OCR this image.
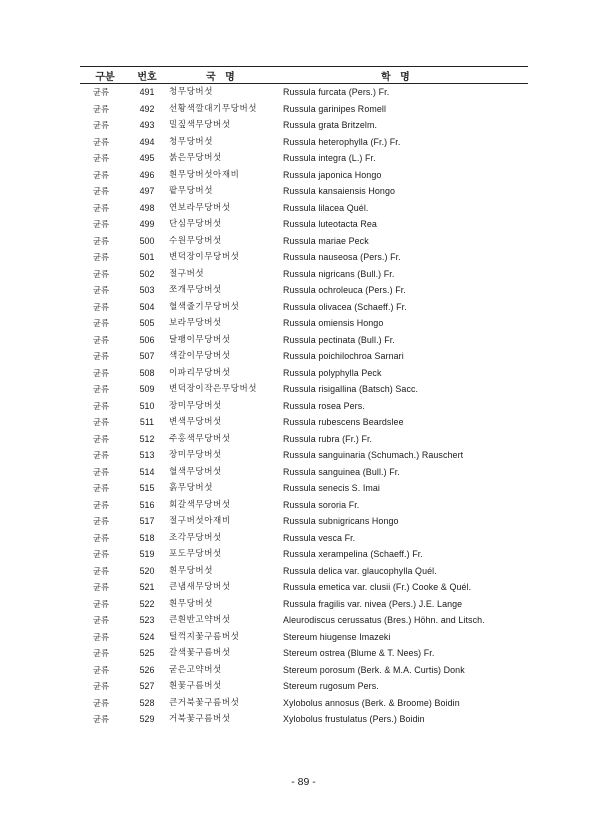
구분	번호	국 명	학 명
균류	491	청무당버섯	Russula furcata (Pers.) Fr.
균류	492	선황색깔대기무당버섯	Russula garinipes Romell
균류	493	밀짚색무당버섯	Russula grata Britzelm.
균류	494	청무당버섯	Russula heterophylla (Fr.) Fr.
균류	495	붉은무당버섯	Russula integra (L.) Fr.
균류	496	흰무당버섯아재비	Russula japonica Hongo
균류	497	팥무당버섯	Russula kansaiensis Hongo
균류	498	연보라무당버섯	Russula lilacea Quél.
균류	499	단심무당버섯	Russula luteotacta Rea
균류	500	수원무당버섯	Russula mariae Peck
균류	501	변덕장이무당버섯	Russula nauseosa (Pers.) Fr.
균류	502	절구버섯	Russula nigricans (Bull.) Fr.
균류	503	쪼개무당버섯	Russula ochroleuca (Pers.) Fr.
균류	504	혈색줄기무당버섯	Russula olivacea (Schaeff.) Fr.
균류	505	보라무당버섯	Russula omiensis Hongo
균류	506	달팽이무당버섯	Russula pectinata (Bull.) Fr.
균류	507	색갈이무당버섯	Russula poichilochroa Sarnari
균류	508	이파리무당버섯	Russula polyphylla Peck
균류	509	변덕장이작은무당버섯	Russula risigallina (Batsch) Sacc.
균류	510	장미무당버섯	Russula rosea Pers.
균류	511	변색무당버섯	Russula rubescens Beardslee
균류	512	주홍색무당버섯	Russula rubra (Fr.) Fr.
균류	513	장미무당버섯	Russula sanguinaria (Schumach.) Rauschert
균류	514	혈색무당버섯	Russula sanguinea (Bull.) Fr.
균류	515	흙무당버섯	Russula senecis S. Imai
균류	516	회갈색무당버섯	Russula sororia Fr.
균류	517	절구버섯아재비	Russula subnigricans Hongo
균류	518	조각무당버섯	Russula vesca Fr.
균류	519	포도무당버섯	Russula xerampelina (Schaeff.) Fr.
균류	520	흰무당버섯	Russula delica var. glaucophylla Quél.
균류	521	큰냄새무당버섯	Russula emetica var. clusii (Fr.) Cooke & Quél.
균류	522	흰무당버섯	Russula fragilis var. nivea (Pers.) J.E. Lange
균류	523	큰흰반고약버섯	Aleurodiscus cerussatus (Bres.) Höhn. and Litsch.
균류	524	털꺽지꽃구름버섯	Stereum hiugense Imazeki
균류	525	갈색꽃구름버섯	Stereum ostrea (Blume & T. Nees) Fr.
균류	526	굳은고약버섯	Stereum porosum (Berk. & M.A. Curtis) Donk
균류	527	흰꽃구름버섯	Stereum rugosum Pers.
균류	528	큰거북꽃구름버섯	Xylobolus annosus (Berk. & Broome) Boidin
균류	529	거북꽃구름버섯	Xylobolus frustulatus (Pers.) Boidin
- 89 -
